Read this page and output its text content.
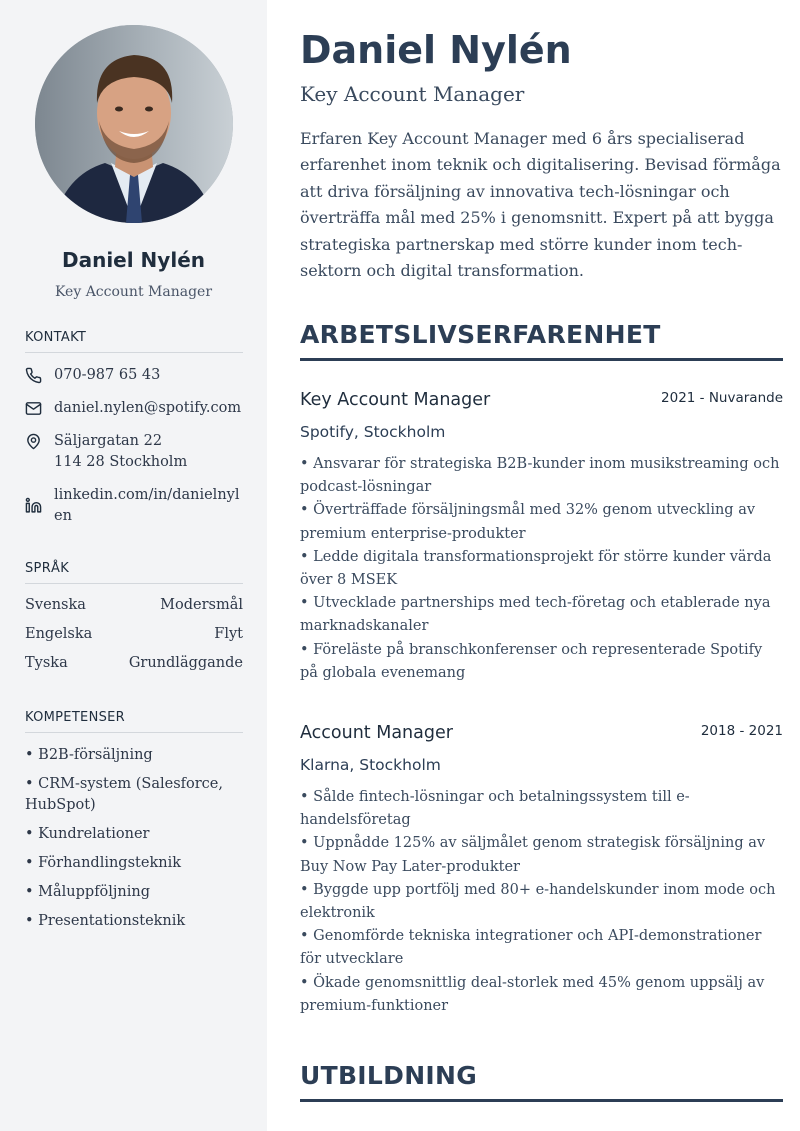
Daniel Nylén
Key Account Manager
KONTAKT
070-987 65 43
daniel.nylen@spotify.com
Säljargatan 22
114 28 Stockholm
linkedin.com/in/danielnylen
SPRÅK
Svenska	Modersmål
Engelska	Flyt
Tyska	Grundläggande
KOMPETENSER
• B2B-försäljning
• CRM-system (Salesforce, HubSpot)
• Kundrelationer
• Förhandlingsteknik
• Måluppföljning
• Presentationsteknik
Daniel Nylén
Key Account Manager

Erfaren Key Account Manager med 6 års specialiserad erfarenhet inom teknik och digitalisering. Bevisad förmåga att driva försäljning av innovativa tech-lösningar och överträffa mål med 25% i genomsnitt. Expert på att bygga strategiska partnerskap med större kunder inom tech-sektorn och digital transformation.

ARBETSLIVSERFARENHET
Key Account Manager	2021 - Nuvarande
Spotify, Stockholm
• Ansvarar för strategiska B2B-kunder inom musikstreaming och podcast-lösningar
• Överträffade försäljningsmål med 32% genom utveckling av premium enterprise-produkter
• Ledde digitala transformationsprojekt för större kunder värda över 8 MSEK
• Utvecklade partnerships med tech-företag och etablerade nya marknadskanaler
• Föreläste på branschkonferenser och representerade Spotify på globala evenemang
Account Manager	2018 - 2021
Klarna, Stockholm
• Sålde fintech-lösningar och betalningssystem till e-handelsföretag
• Uppnådde 125% av säljmålet genom strategisk försäljning av Buy Now Pay Later-produkter
• Byggde upp portfölj med 80+ e-handelskunder inom mode och elektronik
• Genomförde tekniska integrationer och API-demonstrationer för utvecklare
• Ökade genomsnittlig deal-storlek med 45% genom uppsälj av premium-funktioner
UTBILDNING
